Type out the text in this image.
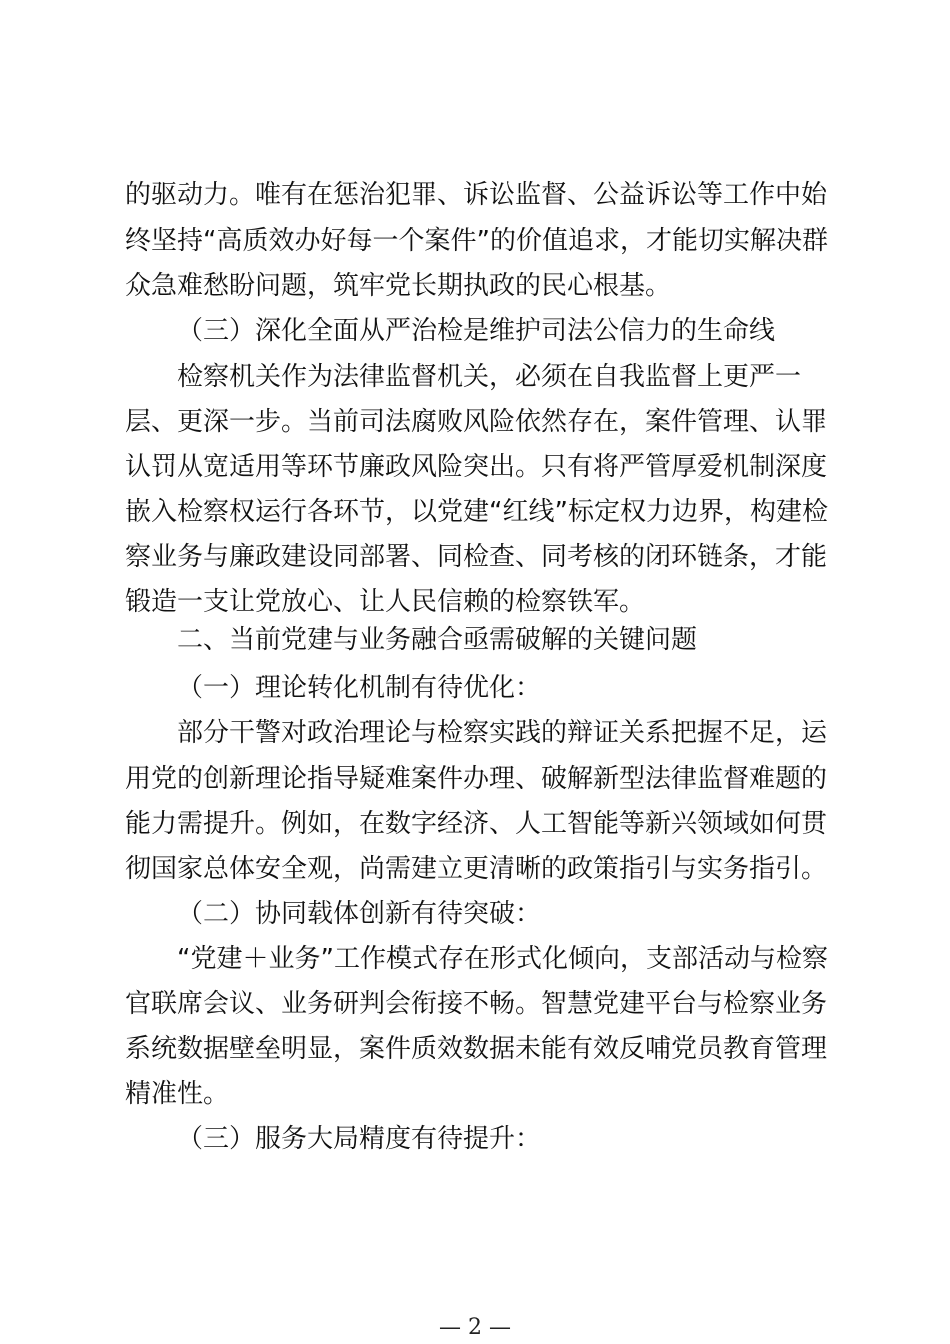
的驱动力。唯有在惩治犯罪、诉讼监督、公益诉讼等工作中始
终坚持“高质效办好每一个案件”的价值追求，才能切实解决群
众急难愁盼问题，筑牢党长期执政的民心根基。
（三）深化全面从严治检是维护司法公信力的生命线
检察机关作为法律监督机关，必须在自我监督上更严一
层、更深一步。当前司法腐败风险依然存在，案件管理、认罪
认罚从宽适用等环节廉政风险突出。只有将严管厚爱机制深度
嵌入检察权运行各环节，以党建“红线”标定权力边界，构建检
察业务与廉政建设同部署、同检查、同考核的闭环链条，才能
锻造一支让党放心、让人民信赖的检察铁军。
二、当前党建与业务融合亟需破解的关键问题
（一）理论转化机制有待优化：
部分干警对政治理论与检察实践的辩证关系把握不足，运
用党的创新理论指导疑难案件办理、破解新型法律监督难题的
能力需提升。例如，在数字经济、人工智能等新兴领域如何贯
彻国家总体安全观，尚需建立更清晰的政策指引与实务指引。
（二）协同载体创新有待突破：
“党建＋业务”工作模式存在形式化倾向，支部活动与检察
官联席会议、业务研判会衔接不畅。智慧党建平台与检察业务
系统数据壁垒明显，案件质效数据未能有效反哺党员教育管理
精准性。
（三）服务大局精度有待提升：
— 2 —
